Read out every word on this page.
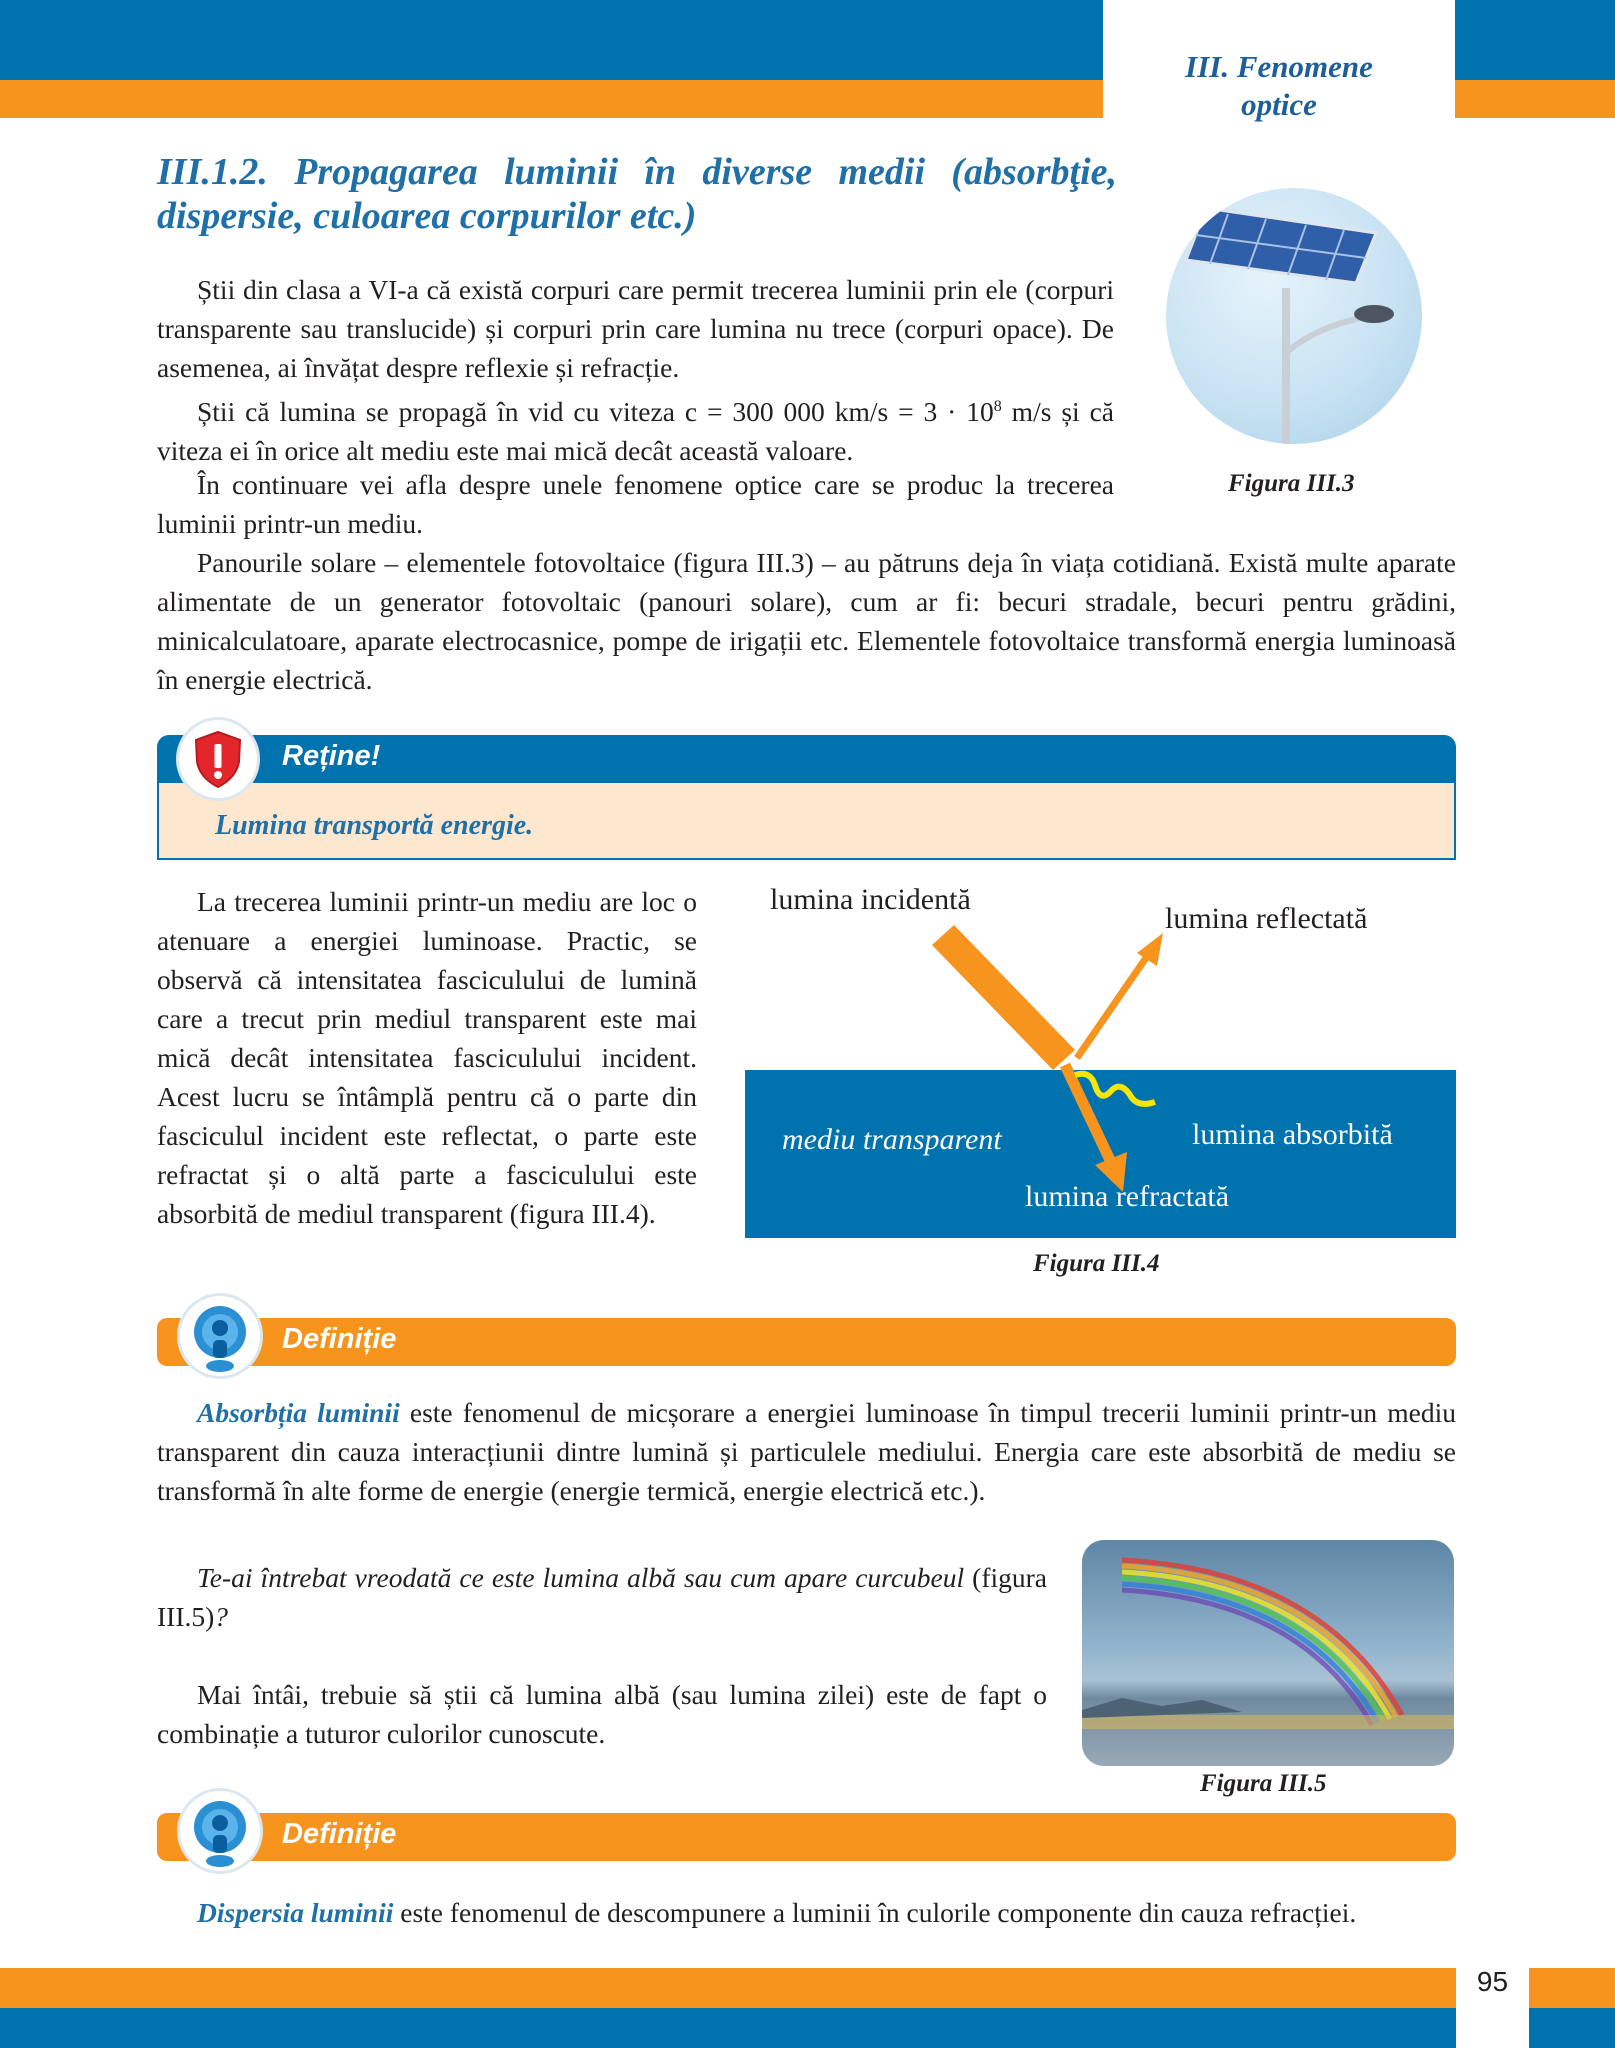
III. Fenomene optice
III.1.2. Propagarea luminii în diverse medii (absorbţie, dispersie, culoarea corpurilor etc.)
Figura III.3

Știi din clasa a VI-a că există corpuri care permit trecerea luminii prin ele (corpuri transparente sau translucide) și corpuri prin care lumina nu trece (corpuri opace). De asemenea, ai învățat despre reflexie și refracție.

Știi că lumina se propagă în vid cu viteza c = 300 000 $km/s = 3 \cdot 10^8$ m/s și că viteza ei în orice alt mediu este mai mică decât această valoare.

În continuare vei afla despre unele fenomene optice care se produc la trecerea luminii printr-un mediu.

Panourile solare – elementele fotovoltaice (figura III.3) – au pătruns deja în viața cotidiană. Există multe aparate alimentate de un generator fotovoltaic (panouri solare), cum ar fi: becuri stradale, becuri pentru grădini, minicalculatoare, aparate electrocasnice, pompe de irigații etc. Elementele fotovoltaice transformă energia luminoasă în energie electrică.

Reține!
Lumina transportă energie.

La trecerea luminii printr-un mediu are loc o atenuare a energiei luminoase. Practic, se observă că intensitatea fasciculului de lumină care a trecut prin mediul transparent este mai mică decât intensitatea fasciculului incident. Acest lucru se întâmplă pentru că o parte din fasciculul incident este reflectat, o parte este refractat și o altă parte a fasciculului este absorbită de mediul transparent (figura III.4).

lumina incidentă
lumina reflectată
mediu transparent	lumina absorbită
lumina refractată
Figura III.4
Definiție

Absorbția luminii este fenomenul de micșorare a energiei luminoase în timpul trecerii luminii printr-un mediu transparent din cauza interacțiunii dintre lumină și particulele mediului. Energia care este absorbită de mediu se transformă în alte forme de energie (energie termică, energie electrică etc.).

Te-ai întrebat vreodată ce este lumina albă sau cum apare curcubeul (figura III.5)?

Mai întâi, trebuie să știi că lumina albă (sau lumina zilei) este de fapt o combinație a tuturor culorilor cunoscute.

Figura III.5
Definiție

Dispersia luminii este fenomenul de descompunere a luminii în culorile componente din cauza refracției.

95
